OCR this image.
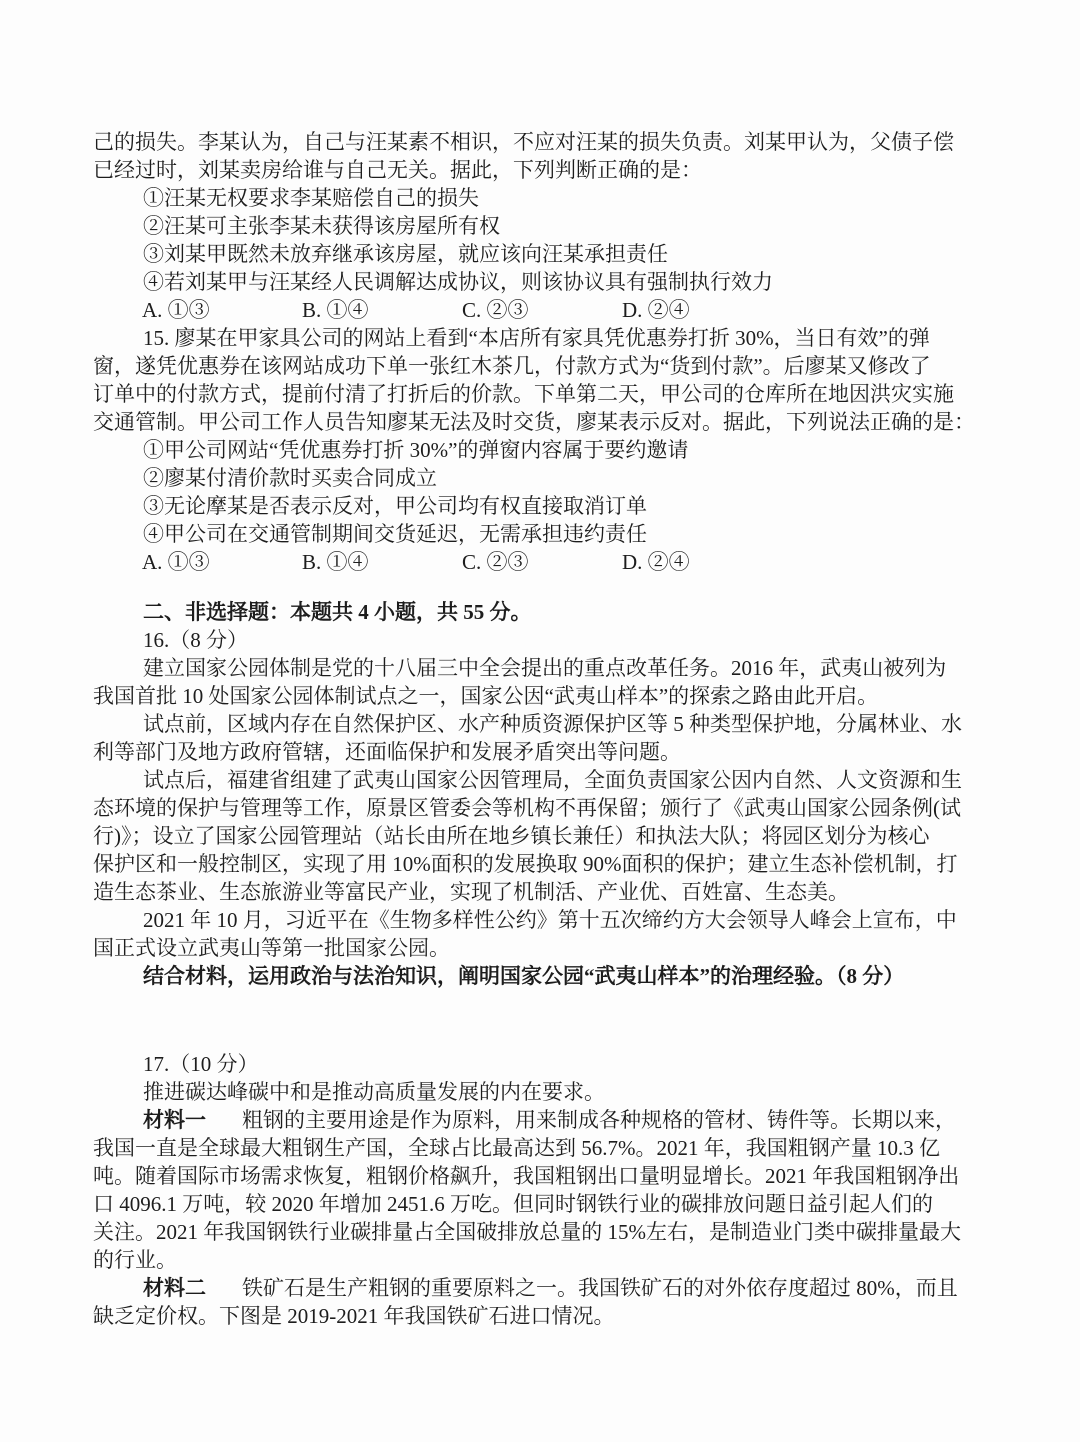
己的损失。李某认为，自己与汪某素不相识，不应对汪某的损失负责。刘某甲认为，父债子偿
已经过时，刘某卖房给谁与自己无关。据此，下列判断正确的是：
①汪某无权要求李某赔偿自己的损失
②汪某可主张李某未获得该房屋所有权
③刘某甲既然未放弃继承该房屋，就应该向汪某承担责任
④若刘某甲与汪某经人民调解达成协议，则该协议具有强制执行效力
A. ①③	B. ①④	C. ②③	D. ②④
15. 廖某在甲家具公司的网站上看到“本店所有家具凭优惠券打折 30%，当日有效”的弹
窗，遂凭优惠券在该网站成功下单一张红木茶几，付款方式为“货到付款”。后廖某又修改了
订单中的付款方式，提前付清了打折后的价款。下单第二天，甲公司的仓库所在地因洪灾实施
交通管制。甲公司工作人员告知廖某无法及时交货，廖某表示反对。据此，下列说法正确的是：
①甲公司网站“凭优惠券打折 30%”的弹窗内容属于要约邀请
②廖某付清价款时买卖合同成立
③无论摩某是否表示反对，甲公司均有权直接取消订单
④甲公司在交通管制期间交货延迟，无需承担违约责任
A. ①③	B. ①④	C. ②③	D. ②④
二、非选择题：本题共 4 小题，共 55 分。
16.（8 分）
建立国家公园体制是党的十八届三中全会提出的重点改革任务。2016 年，武夷山被列为
我国首批 10 处国家公园体制试点之一，国家公因“武夷山样本”的探索之路由此开启。
试点前，区域内存在自然保护区、水产种质资源保护区等 5 种类型保护地，分属林业、水
利等部门及地方政府管辖，还面临保护和发展矛盾突出等问题。
试点后，福建省组建了武夷山国家公因管理局，全面负责国家公因内自然、人文资源和生
态环境的保护与管理等工作，原景区管委会等机构不再保留；颁行了《武夷山国家公园条例(试
行)》；设立了国家公园管理站（站长由所在地乡镇长兼任）和执法大队；将园区划分为核心
保护区和一般控制区，实现了用 10%面积的发展换取 90%面积的保护；建立生态补偿机制，打
造生态茶业、生态旅游业等富民产业，实现了机制活、产业优、百姓富、生态美。
2021 年 10 月，习近平在《生物多样性公约》第十五次缔约方大会领导人峰会上宣布，中
国正式设立武夷山等第一批国家公园。
结合材料，运用政治与法治知识，阐明国家公园“武夷山样本”的治理经验。（8 分）
17.（10 分）
推进碳达峰碳中和是推动高质量发展的内在要求。
材料一 粗钢的主要用途是作为原料，用来制成各种规格的管材、铸件等。长期以来，
我国一直是全球最大粗钢生产国，全球占比最高达到 56.7%。2021 年，我国粗钢产量 10.3 亿
吨。随着国际市场需求恢复，粗钢价格飙升，我国粗钢出口量明显增长。2021 年我国粗钢净出
口 4096.1 万吨，较 2020 年增加 2451.6 万吃。但同时钢铁行业的碳排放问题日益引起人们的
关注。2021 年我国钢铁行业碳排量占全国破排放总量的 15%左右，是制造业门类中碳排量最大
的行业。
材料二 铁矿石是生产粗钢的重要原料之一。我国铁矿石的对外依存度超过 80%，而且
缺乏定价权。下图是 2019-2021 年我国铁矿石进口情况。
